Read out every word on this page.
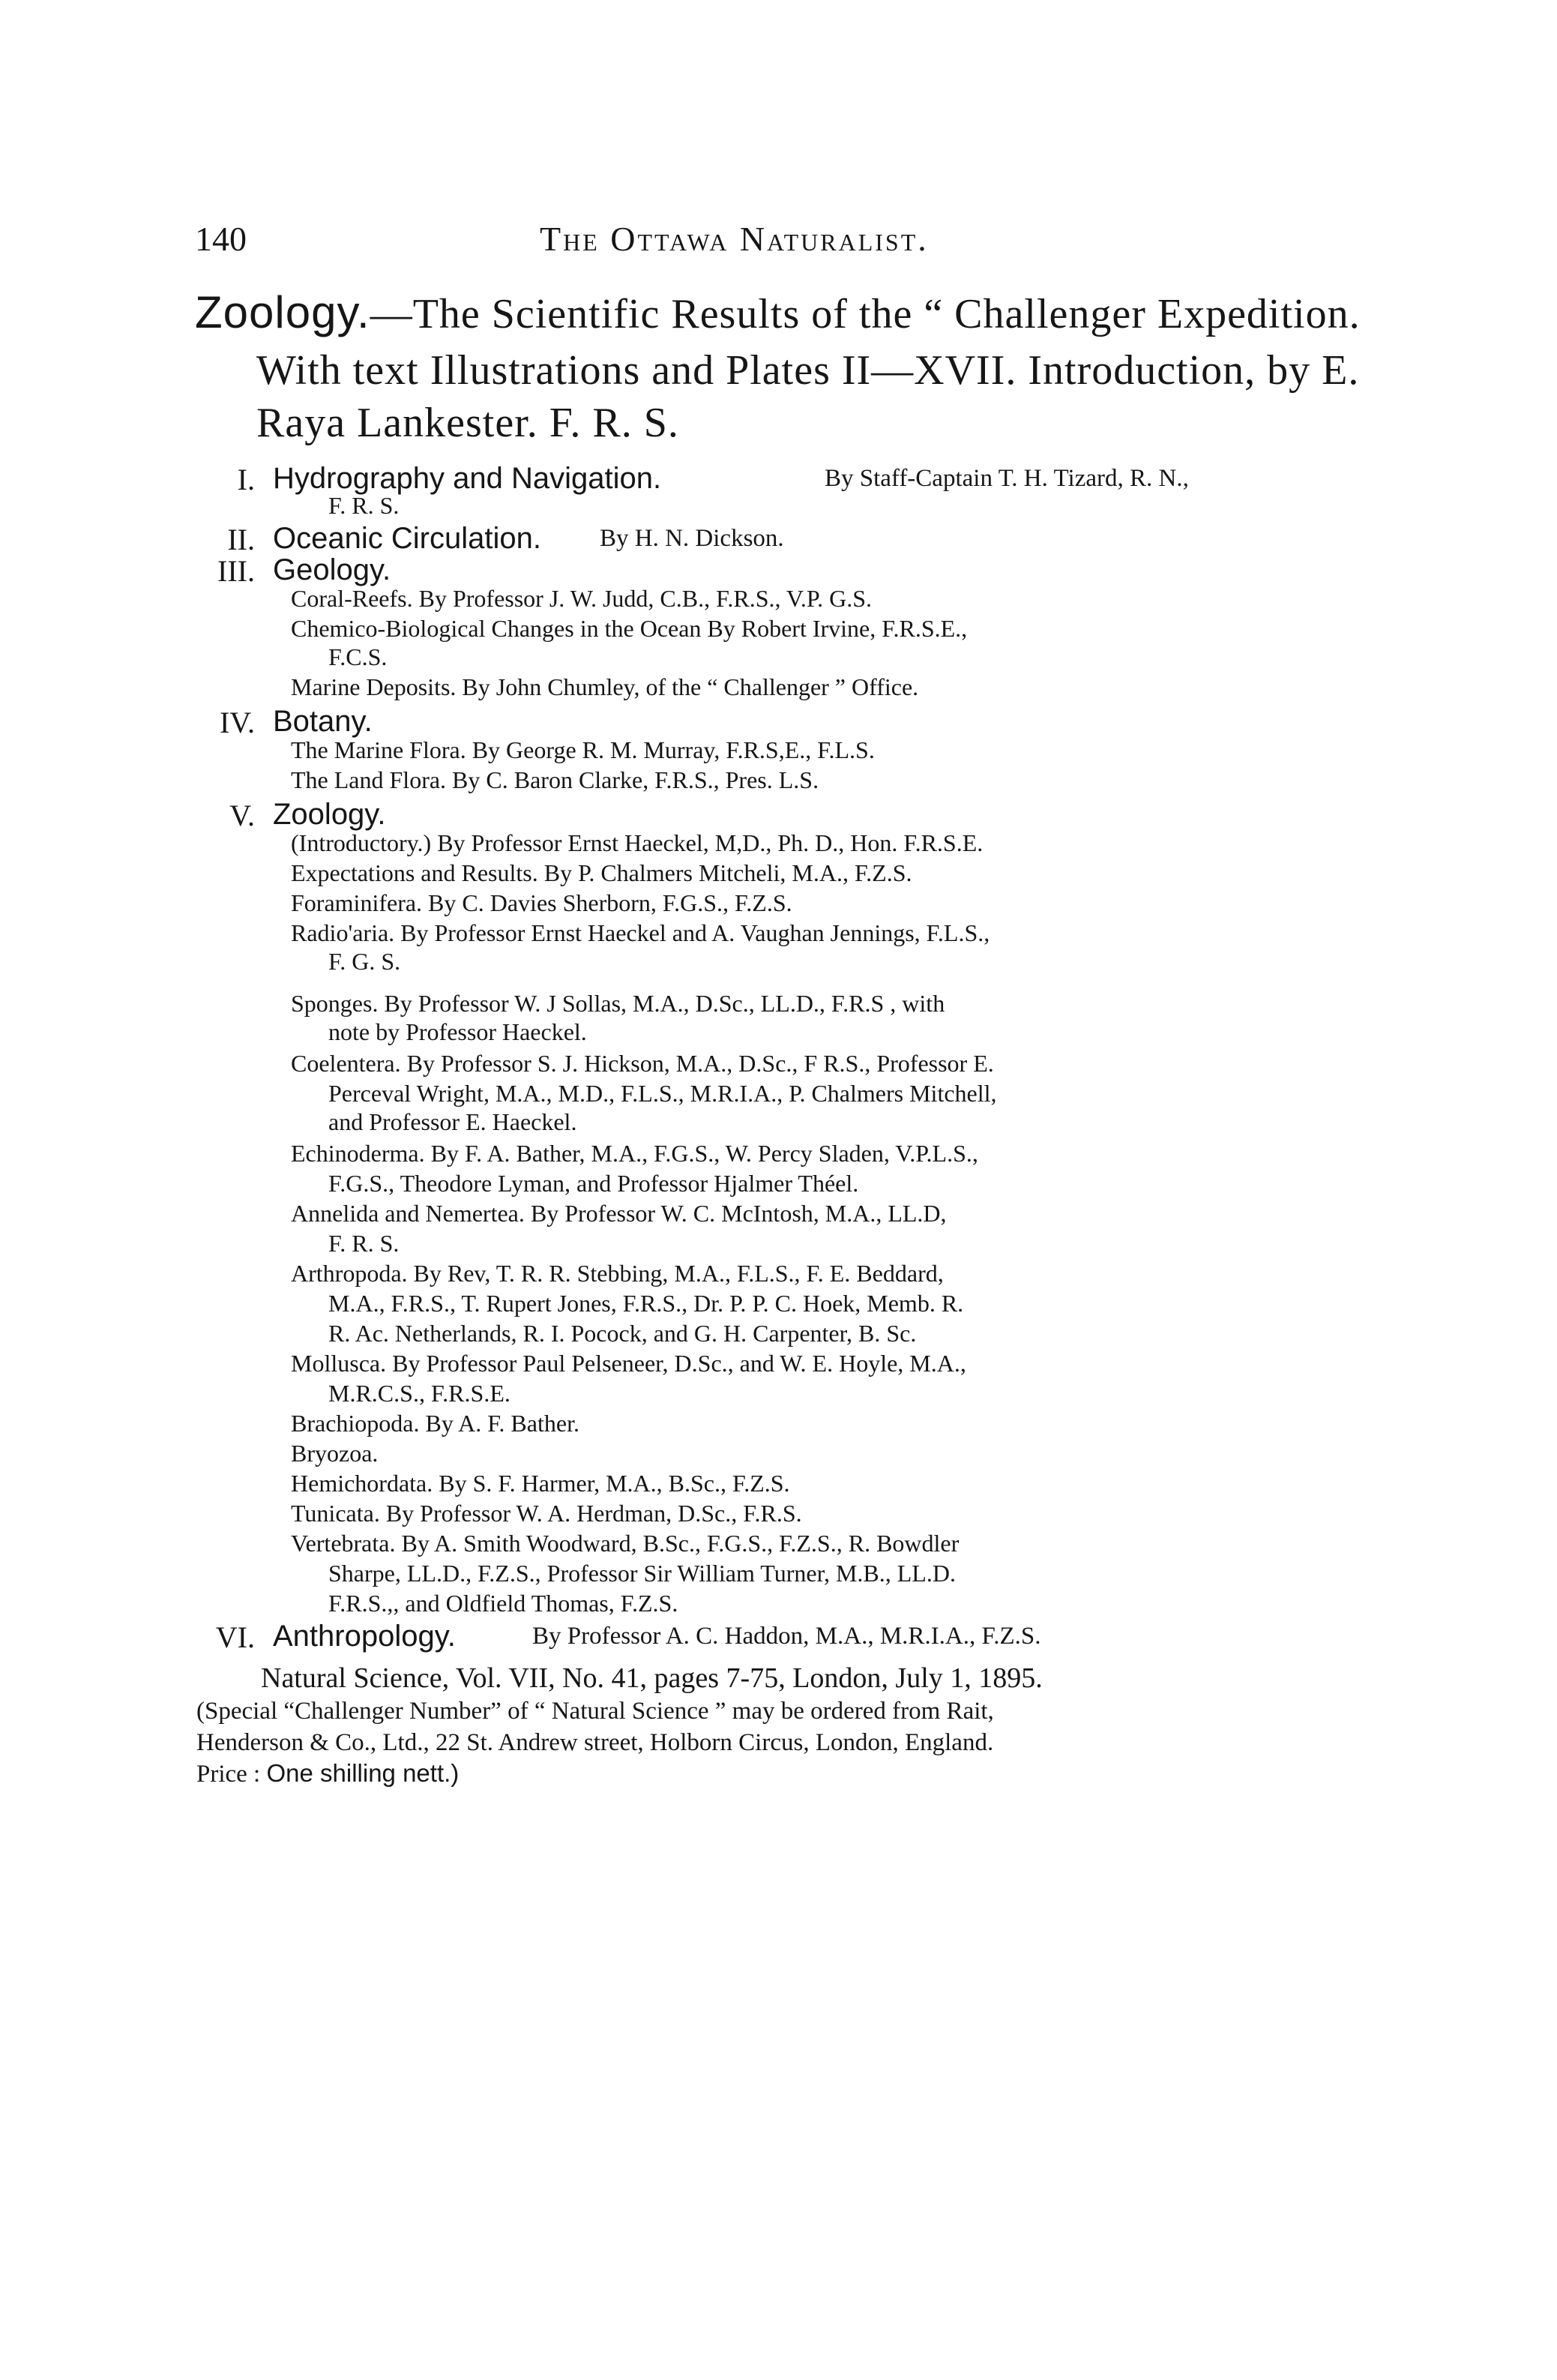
140	The Ottawa Naturalist.
Zoology.—The Scientific Results of the “ Challenger Expedition.
With text Illustrations and Plates II—XVII. Introduction, by E.
Raya Lankester. F. R. S.
I. Hydrography and Navigation.	By Staff-Captain T. H. Tizard, R. N.,
F. R. S.
II. Oceanic Circulation. By H. N. Dickson.
III. Geology.
Coral-Reefs. By Professor J. W. Judd, C.B., F.R.S., V.P. G.S.
Chemico-Biological Changes in the Ocean By Robert Irvine, F.R.S.E.,
F.C.S.
Marine Deposits. By John Chumley, of the “ Challenger ” Office.
IV. Botany.
The Marine Flora. By George R. M. Murray, F.R.S,E., F.L.S.
The Land Flora. By C. Baron Clarke, F.R.S., Pres. L.S.
V. Zoology.
(Introductory.) By Professor Ernst Haeckel, M,D., Ph. D., Hon. F.R.S.E.
Expectations and Results. By P. Chalmers Mitcheli, M.A., F.Z.S.
Foraminifera. By C. Davies Sherborn, F.G.S., F.Z.S.
Radio'aria. By Professor Ernst Haeckel and A. Vaughan Jennings, F.L.S.,
F. G. S.
Sponges. By Professor W. J Sollas, M.A., D.Sc., LL.D., F.R.S , with
note by Professor Haeckel.
Coelentera. By Professor S. J. Hickson, M.A., D.Sc., F R.S., Professor E.
Perceval Wright, M.A., M.D., F.L.S., M.R.I.A., P. Chalmers Mitchell,
and Professor E. Haeckel.
Echinoderma. By F. A. Bather, M.A., F.G.S., W. Percy Sladen, V.P.L.S.,
F.G.S., Theodore Lyman, and Professor Hjalmer Théel.
Annelida and Nemertea. By Professor W. C. McIntosh, M.A., LL.D,
F. R. S.
Arthropoda. By Rev, T. R. R. Stebbing, M.A., F.L.S., F. E. Beddard,
M.A., F.R.S., T. Rupert Jones, F.R.S., Dr. P. P. C. Hoek, Memb. R.
R. Ac. Netherlands, R. I. Pocock, and G. H. Carpenter, B. Sc.
Mollusca. By Professor Paul Pelseneer, D.Sc., and W. E. Hoyle, M.A.,
M.R.C.S., F.R.S.E.
Brachiopoda. By A. F. Bather.
Bryozoa.
Hemichordata. By S. F. Harmer, M.A., B.Sc., F.Z.S.
Tunicata. By Professor W. A. Herdman, D.Sc., F.R.S.
Vertebrata. By A. Smith Woodward, B.Sc., F.G.S., F.Z.S., R. Bowdler
Sharpe, LL.D., F.Z.S., Professor Sir William Turner, M.B., LL.D.
F.R.S.,, and Oldfield Thomas, F.Z.S.
VI. Anthropology.	By Professor A. C. Haddon, M.A., M.R.I.A., F.Z.S.
Natural Science, Vol. VII, No. 41, pages 7-75, London, July 1, 1895.
(Special “Challenger Number” of “ Natural Science ” may be ordered from Rait,
Henderson & Co., Ltd., 22 St. Andrew street, Holborn Circus, London, England.
Price : One shilling nett.)
